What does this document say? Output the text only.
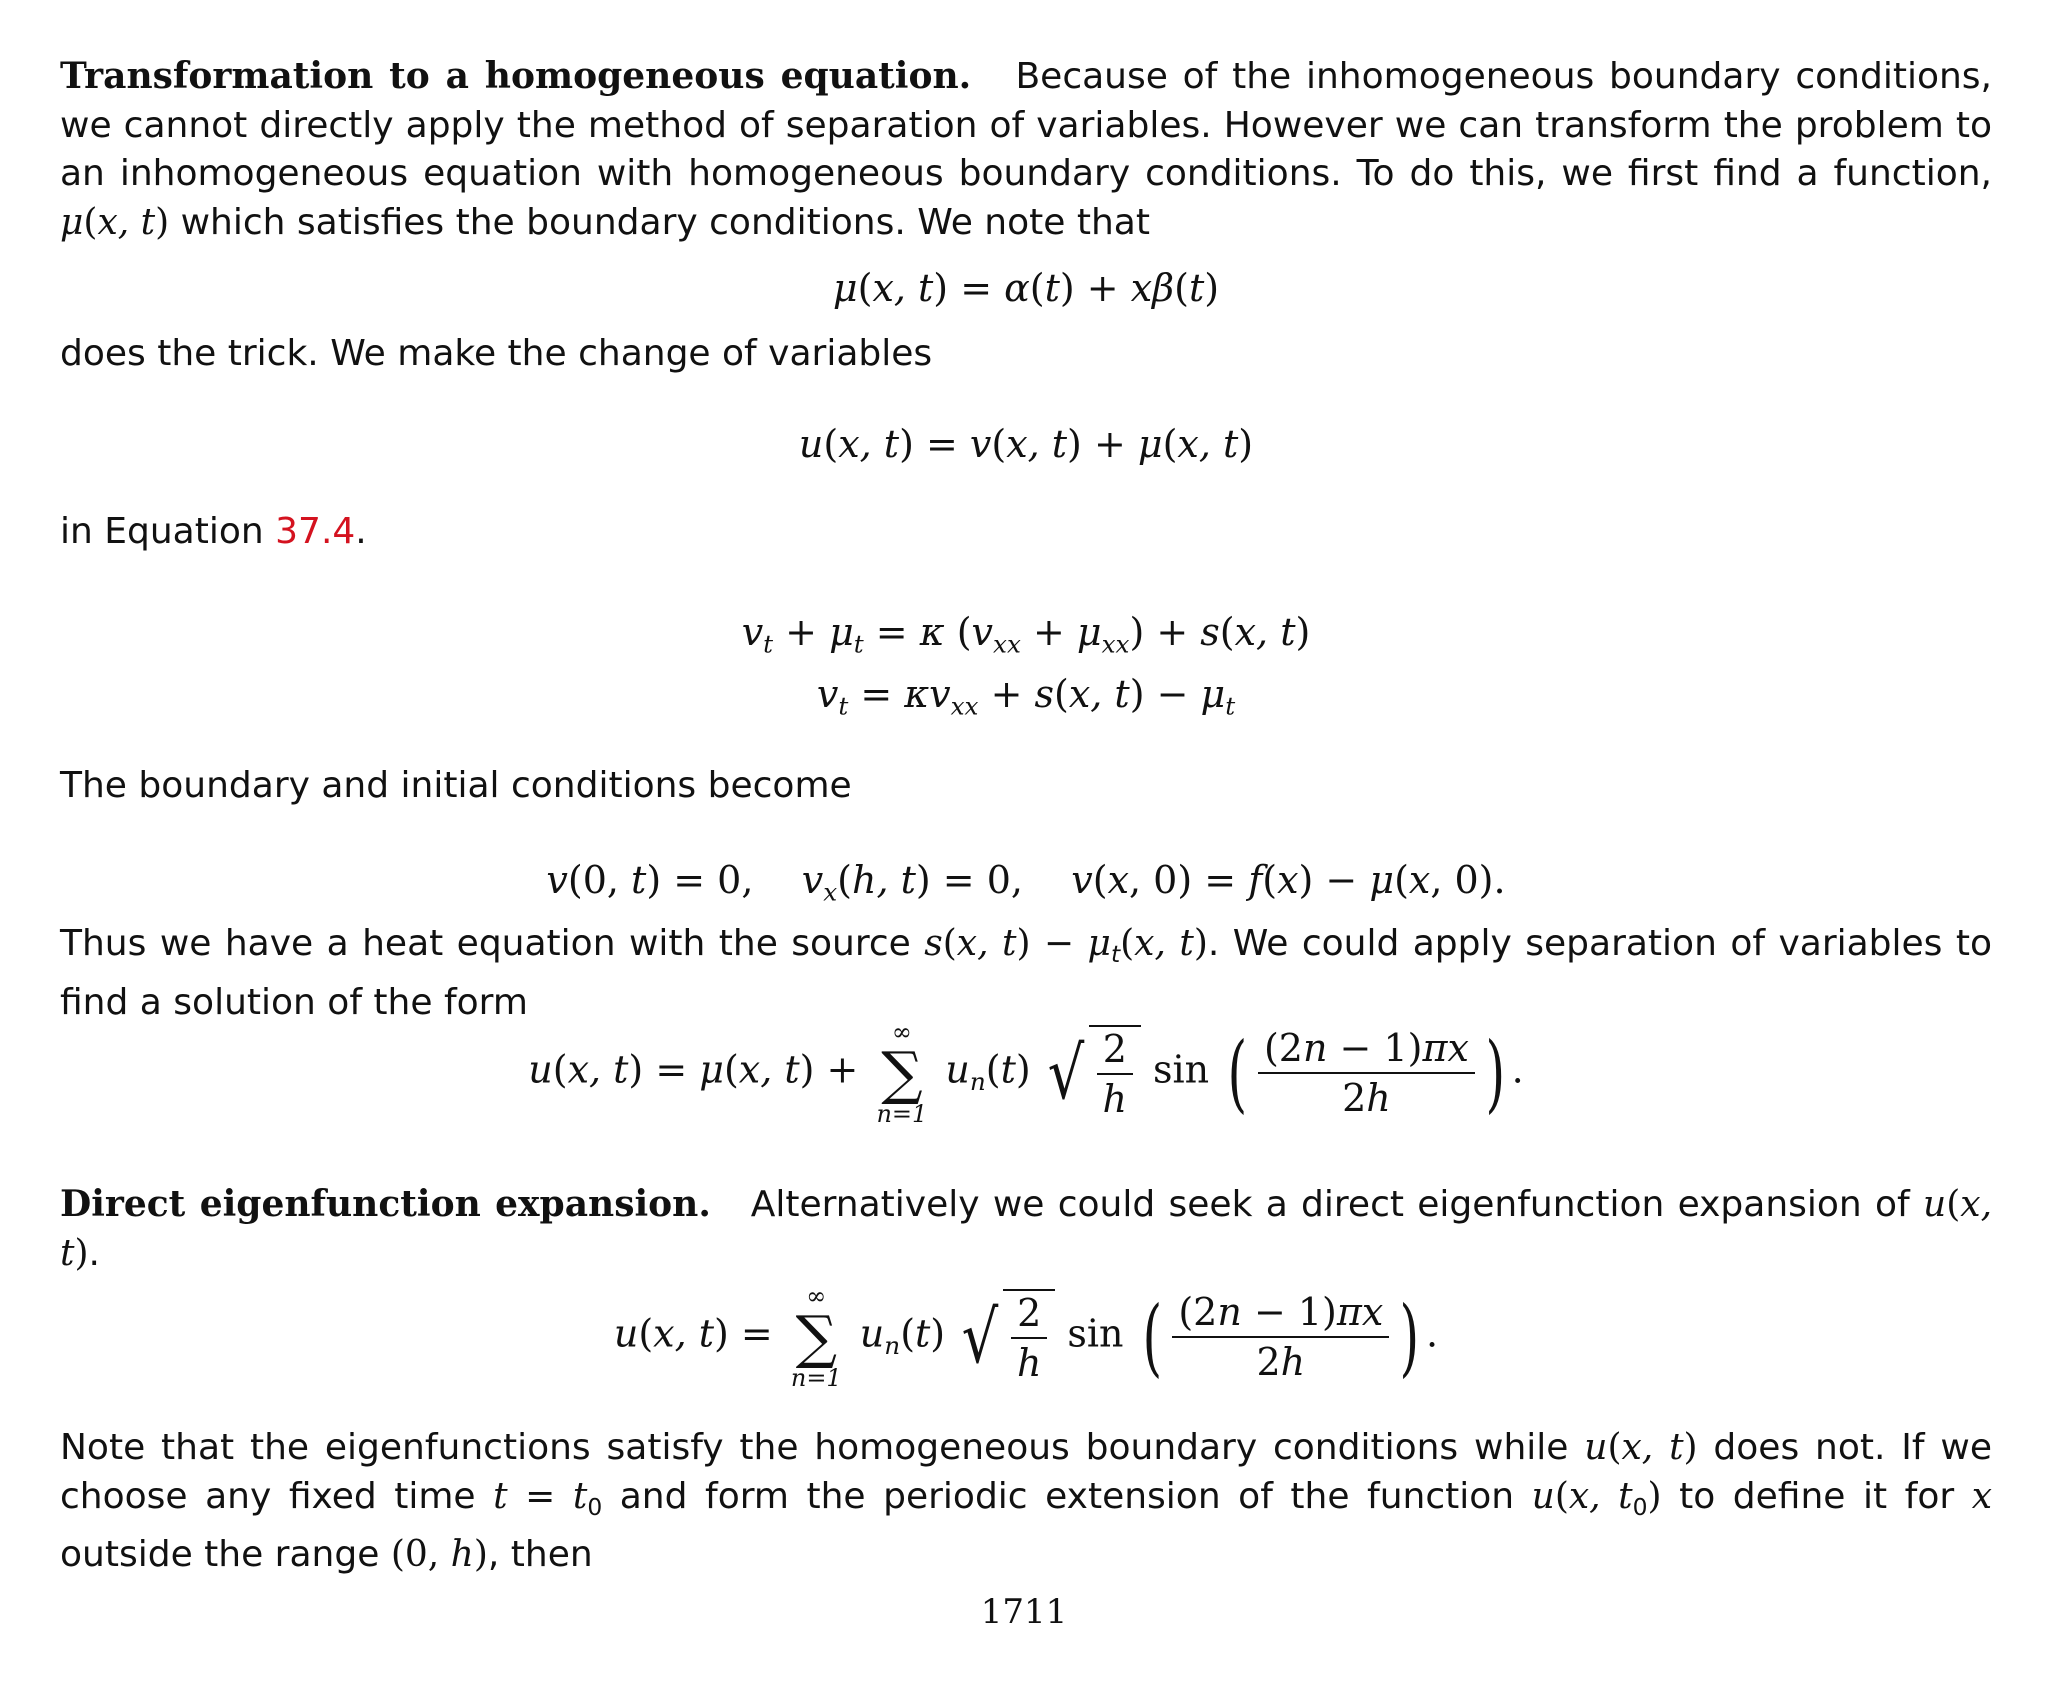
Transformation to a homogeneous equation.   Because of the inhomogeneous boundary conditions, we cannot directly apply the method of separation of variables. However we can transform the problem to an inhomogeneous equation with homogeneous boundary conditions. To do this, we first find a function, μ(x, t) which satisfies the boundary conditions. We note that

μ(x, t) = α(t) + xβ(t)

does the trick. We make the change of variables

u(x, t) = v(x, t) + μ(x, t)

in Equation 37.4.

$v_t + \mu_t = \kappa$ $(v_{xx} + \mu_{xx}) + s(x$, t)
$v_t = \kappa v_{xx} + s(x$, $t) - \mu_t$

The boundary and initial conditions become

v(0, t) = 0,    $v_x(h$, t) = 0,    v(x, 0) = f(x) − μ(x, 0).

Thus we have a heat equation with the source s(x, $t) - \mu_t(x$, t). We could apply separation of variables to find a solution of the form

u(x, t) = μ(x, t) +
∞
∑
n=1
$u_n(t)$ √ $\frac{2}{h}$ sin ( $\frac{(2n - 1)\pi x}{2h}$ ) .

Direct eigenfunction expansion.   Alternatively we could seek a direct eigenfunction expansion of u(x, t).

u(x, t) =
∞
∑
n=1
$u_n(t)$ √ $\frac{2}{h}$ sin ( $\frac{(2n - 1)\pi x}{2h}$ ) .

Note that the eigenfunctions satisfy the homogeneous boundary conditions while u(x, t) does not. If we choose any fixed time $t = t_0$ and form the periodic extension of the function u(x, $t_0$) to define it for x outside the range (0, h), then

1711
